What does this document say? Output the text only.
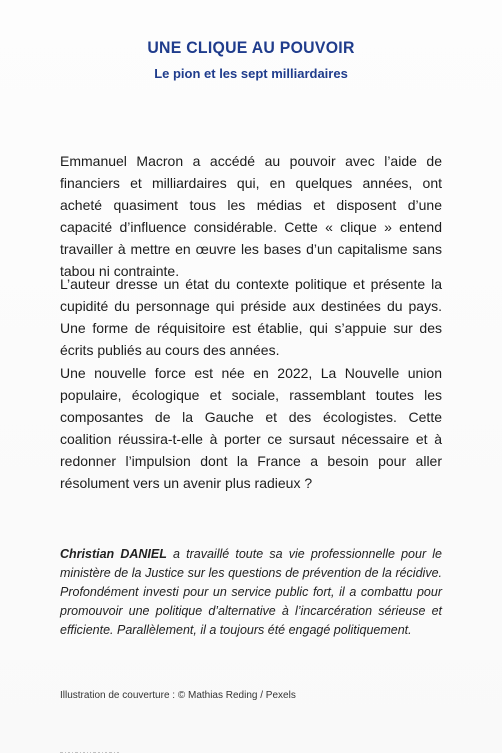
UNE CLIQUE AU POUVOIR
Le pion et les sept milliardaires

Emmanuel Macron a accédé au pouvoir avec l’aide de financiers et milliardaires qui, en quelques années, ont acheté quasiment tous les médias et disposent d’une capacité d’influence considérable. Cette « clique » entend travailler à mettre en œuvre les bases d’un capitalisme sans tabou ni contrainte.

L’auteur dresse un état du contexte politique et présente la cupidité du personnage qui préside aux destinées du pays. Une forme de réquisitoire est établie, qui s’appuie sur des écrits publiés au cours des années.

Une nouvelle force est née en 2022, La Nouvelle union populaire, écologique et sociale, rassemblant toutes les composantes de la Gauche et des écologistes. Cette coalition réussira-t-elle à porter ce sursaut nécessaire et à redonner l’impulsion dont la France a besoin pour aller résolument vers un avenir plus radieux ?

Christian DANIEL a travaillé toute sa vie professionnelle pour le ministère de la Justice sur les questions de prévention de la récidive. Profondément investi pour un service public fort, il a combattu pour promouvoir une politique d’alternative à l’incarcération sérieuse et efficiente. Parallèlement, il a toujours été engagé politiquement.

Illustration de couverture : © Mathias Reding / Pexels
